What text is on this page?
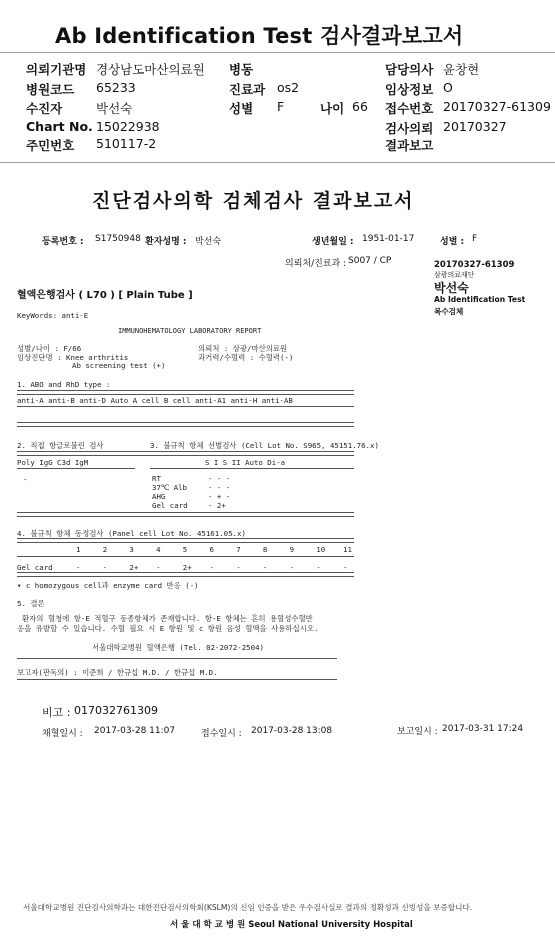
Ab Identification Test 검사결과보고서
의뢰기관명 경상남도마산의료원 병동	담당의사 윤창현
병원코드 65233	진료과 os2	임상정보 O
수진자	박선숙	성별 F	나이 66 접수번호 20170327-61309
Chart No. 15022938	검사의뢰 20170327
주민번호 510117-2	결과보고
진단검사의학 검체검사 결과보고서
등록번호 : S1750948 환자성명 : 박선숙	생년월일 : 1951-01-17	성별 : F
의뢰처/진료과 : S007 / CP	20170327-61309
삼광의료재단
박선숙
Ab Identification Test
복수검체
혈액은행검사 ( L70 ) [ Plain Tube ]
KeyWords: anti-E
IMMUNOHEMATOLOGY LABORATORY REPORT
성별/나이 : F/66
임상진단명 : Knee arthritis
Ab screening test (+)
의뢰처 : 삼광/마산의료원
과거력/수혈력 : 수혈력(-)
1. ABO and RhD type :
anti-A anti-B anti-D Auto A cell B cell anti-A1 anti-H anti-AB
2. 직접 항글로불린 검사	3. 불규칙 항체 선별검사 (Cell Lot No. S965, 45151.76.x)
Poly IgG C3d IgM	S I S II Auto Di-a
-	RT	- - -
37℃ Alb	- - -
AHG	- + -
Gel card	- 2+
4. 불규칙 항체 동정검사 (Panel cell Lot No. 45161.05.x)
1	2	3	4	5	6	7	8	9	10 11
Gel card	-	-	2+ -	2+ -	-	-	-	-	-
▾ c homozygous cell과 enzyme card 반응 (-)
5. 결론
환자의 혈청에 항-E 적혈구 동종항체가 존재합니다. 항-E 항체는 흔히 용혈성수혈반
응을 유발할 수 있습니다. 수혈 필요 시 E 항원 및 c 항원 음성 혈액을 사용하십시오.
서울대학교병원 혈액은행 (Tel. 02-2072-2504)
보고자(판독의) : 이준희 / 한규섭 M.D. / 한규섭 M.D.
비고 : 017032761309
채혈일시 : 2017-03-28 11:07	접수일시 : 2017-03-28 13:08	보고일시 : 2017-03-31 17:24
서울대학교병원 진단검사의학과는 대한진단검사의학회(KSLM)의 신임 인증을 받은 우수검사실로 결과의 정확성과 신빙성을 보증합니다.
서 울 대 학 교 병 원 Seoul National University Hospital
